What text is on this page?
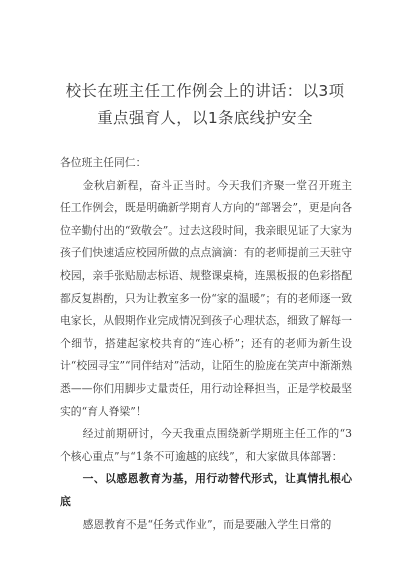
校长在班主任工作例会上的讲话：以3项重点强育人，以1条底线护安全

各位班主任同仁：

金秋启新程，奋斗正当时。今天我们齐聚一堂召开班主任工作例会，既是明确新学期育人方向的“部署会”，更是向各位辛勤付出的“致敬会”。过去这段时间，我亲眼见证了大家为孩子们快速适应校园所做的点点滴滴：有的老师提前三天驻守校园，亲手张贴励志标语、规整课桌椅，连黑板报的色彩搭配都反复斟酌，只为让教室多一份“家的温暖”；有的老师逐一致电家长，从假期作业完成情况到孩子心理状态，细致了解每一个细节，搭建起家校共育的“连心桥”；还有的老师为新生设计“校园寻宝”“同伴结对”活动，让陌生的脸庞在笑声中渐渐熟悉——你们用脚步丈量责任，用行动诠释担当，正是学校最坚实的“育人脊梁”！

经过前期研讨，今天我重点围绕新学期班主任工作的“3个核心重点”与“1条不可逾越的底线”，和大家做具体部署：

一、以感恩教育为基，用行动替代形式，让真情扎根心底

感恩教育不是“任务式作业”，而是要融入学生日常的
